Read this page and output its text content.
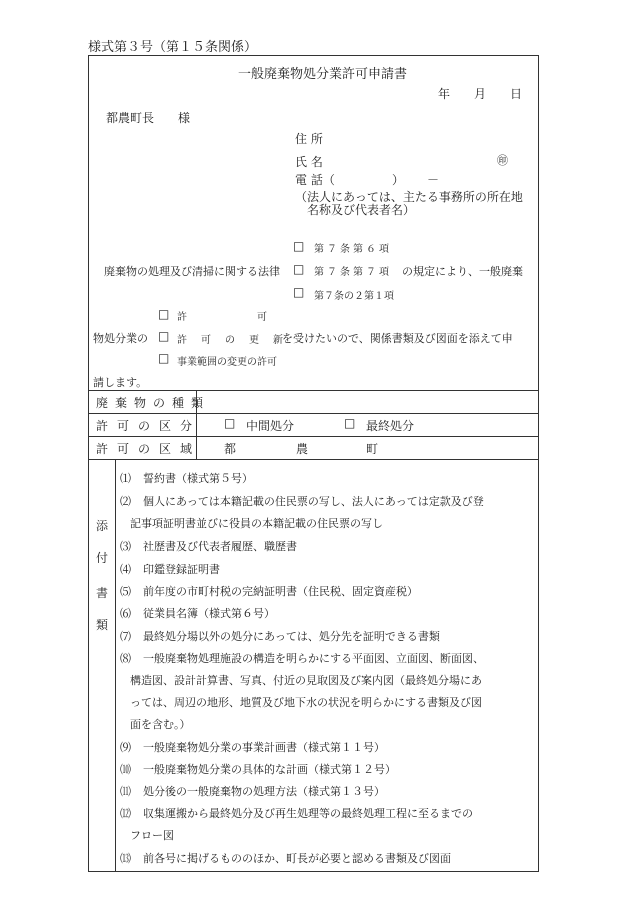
様式第３号（第１５条関係）
一般廃棄物処分業許可申請書
年 月 日
都農町長 様
住 所
氏 名	㊞
電 話（	） －
（法人にあっては、主たる事務所の所在地
名称及び代表者名）
□ 第７条第６項
廃棄物の処理及び清掃に関する法律 □ 第７条第７項 の規定により、一般廃棄
□ 第７条の２第１項
□ 許可
物処分業の □ 許可の更新
を受けたいので、関係書類及び図面を添えて申
□ 事業範囲の変更の許可
請します。
廃棄物の種類
許可の区分 □ 中間処分	□ 最終処分
許可の区域 都	農	町
添
付
書
類
⑴ 誓約書（様式第５号）
⑵ 個人にあっては本籍記載の住民票の写し、法人にあっては定款及び登
記事項証明書並びに役員の本籍記載の住民票の写し
⑶ 社歴書及び代表者履歴、職歴書
⑷ 印鑑登録証明書
⑸ 前年度の市町村税の完納証明書（住民税、固定資産税）
⑹ 従業員名簿（様式第６号）
⑺ 最終処分場以外の処分にあっては、処分先を証明できる書類
⑻ 一般廃棄物処理施設の構造を明らかにする平面図、立面図、断面図、
構造図、設計計算書、写真、付近の見取図及び案内図（最終処分場にあ
っては、周辺の地形、地質及び地下水の状況を明らかにする書類及び図
面を含む。）
⑼ 一般廃棄物処分業の事業計画書（様式第１１号）
⑽ 一般廃棄物処分業の具体的な計画（様式第１２号）
⑾ 処分後の一般廃棄物の処理方法（様式第１３号）
⑿ 収集運搬から最終処分及び再生処理等の最終処理工程に至るまでの
フロー図
⒀ 前各号に掲げるもののほか、町長が必要と認める書類及び図面
